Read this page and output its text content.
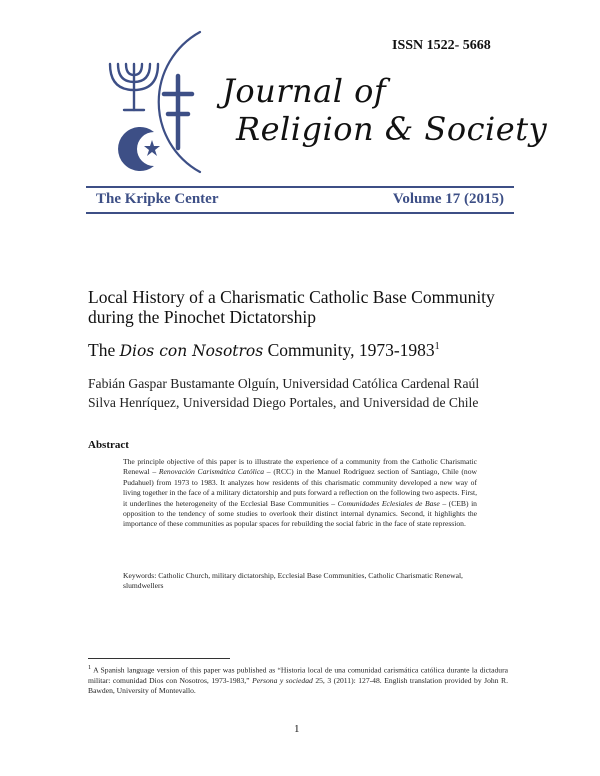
ISSN 1522- 5668
Journal of
Religion & Society
The Kripke Center	Volume 17 (2015)
Local History of a Charismatic Catholic Base Community during the Pinochet Dictatorship
The Dios con Nosotros Community, 1973-1983$^1$
Fabián Gaspar Bustamante Olguín, Universidad Católica Cardenal Raúl Silva Henríquez, Universidad Diego Portales, and Universidad de Chile
Abstract
The principle objective of this paper is to illustrate the experience of a community from the Catholic Charismatic Renewal – Renovación Carismática Católica – (RCC) in the Manuel Rodríguez section of Santiago, Chile (now Pudahuel) from 1973 to 1983. It analyzes how residents of this charismatic community developed a new way of living together in the face of a military dictatorship and puts forward a reflection on the following two aspects. First, it underlines the heterogeneity of the Ecclesial Base Communities – Comunidades Eclesiales de Base – (CEB) in opposition to the tendency of some studies to overlook their distinct internal dynamics. Second, it highlights the importance of these communities as popular spaces for rebuilding the social fabric in the face of state repression.
Keywords: Catholic Church, military dictatorship, Ecclesial Base Communities, Catholic Charismatic Renewal, slumdwellers
$^1$ A Spanish language version of this paper was published as “Historia local de una comunidad carismática católica durante la dictadura militar: comunidad Dios con Nosotros, 1973-1983,” Persona y sociedad 25, 3 (2011): 127-48. English translation provided by John R. Bawden, University of Montevallo.
1
